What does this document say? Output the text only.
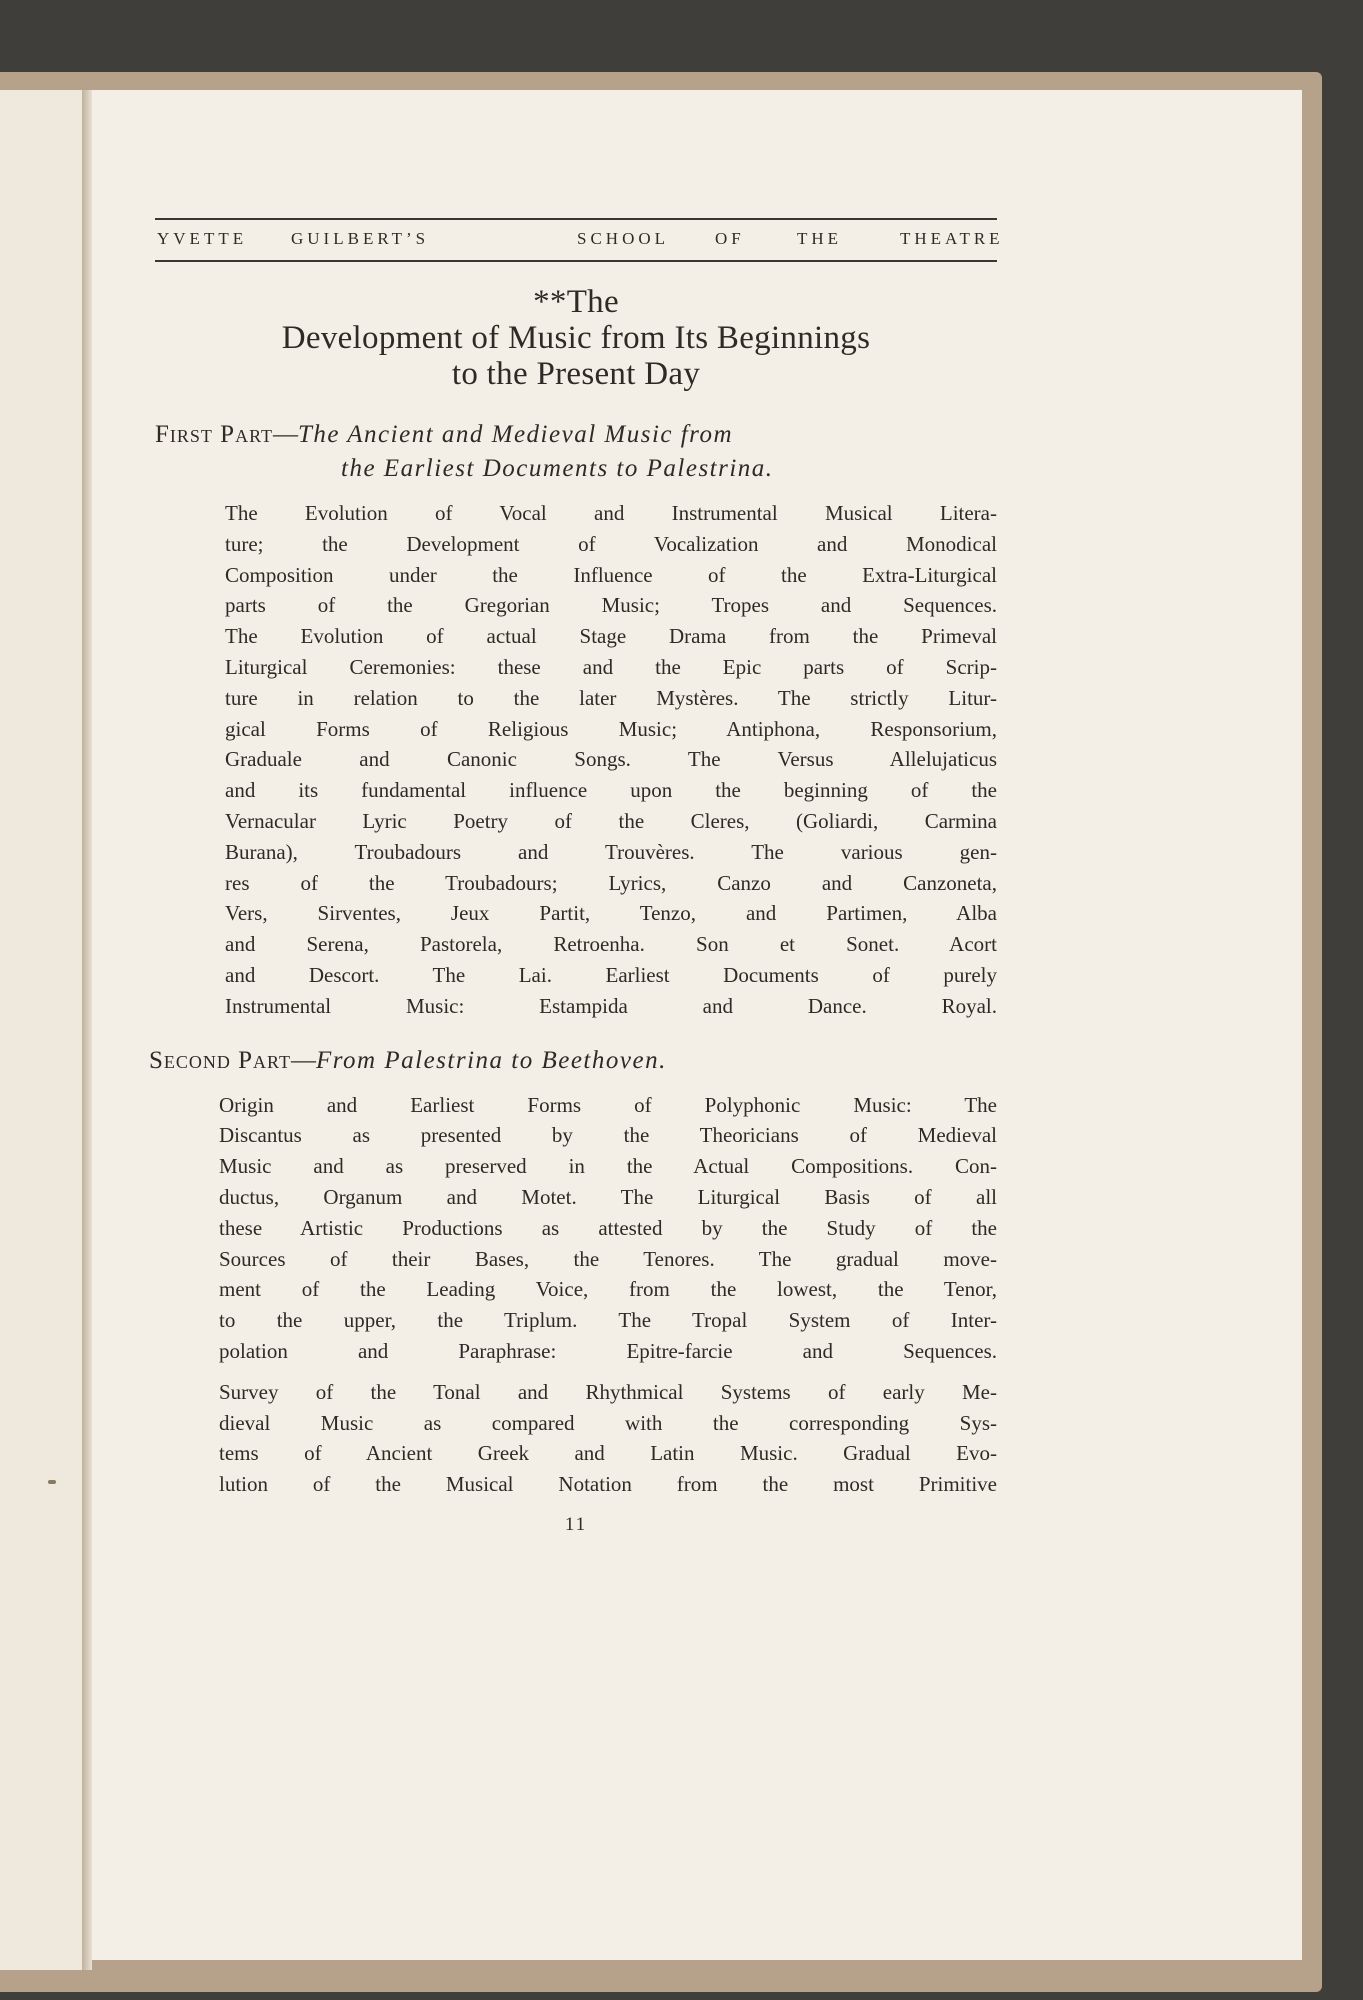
YVETTE	GUILBERT’S	SCHOOL	OF	THE	THEATRE
**The
Development of Music from Its Beginnings
to the Present Day
First Part—The Ancient and Medieval Music from
the Earliest Documents to Palestrina.
The Evolution of Vocal and Instrumental Musical Litera-
ture; the Development of Vocalization and Monodical
Composition under the Influence of the Extra-Liturgical
parts of the Gregorian Music; Tropes and Sequences.
The Evolution of actual Stage Drama from the Primeval
Liturgical Ceremonies: these and the Epic parts of Scrip-
ture in relation to the later Mystères. The strictly Litur-
gical Forms of Religious Music; Antiphona, Responsorium,
Graduale and Canonic Songs. The Versus Allelujaticus
and its fundamental influence upon the beginning of the
Vernacular Lyric Poetry of the Cleres, (Goliardi, Carmina
Burana), Troubadours and Trouvères. The various gen-
res of the Troubadours; Lyrics, Canzo and Canzoneta,
Vers, Sirventes, Jeux Partit, Tenzo, and Partimen, Alba
and Serena, Pastorela, Retroenha. Son et Sonet. Acort
and Descort. The Lai. Earliest Documents of purely
Instrumental Music: Estampida and Dance. Royal.
Second Part—From Palestrina to Beethoven.
Origin and Earliest Forms of Polyphonic Music: The
Discantus as presented by the Theoricians of Medieval
Music and as preserved in the Actual Compositions. Con-
ductus, Organum and Motet. The Liturgical Basis of all
these Artistic Productions as attested by the Study of the
Sources of their Bases, the Tenores. The gradual move-
ment of the Leading Voice, from the lowest, the Tenor,
to the upper, the Triplum. The Tropal System of Inter-
polation and Paraphrase: Epitre-farcie and Sequences.
Survey of the Tonal and Rhythmical Systems of early Me-
dieval Music as compared with the corresponding Sys-
tems of Ancient Greek and Latin Music. Gradual Evo-
lution of the Musical Notation from the most Primitive
11
